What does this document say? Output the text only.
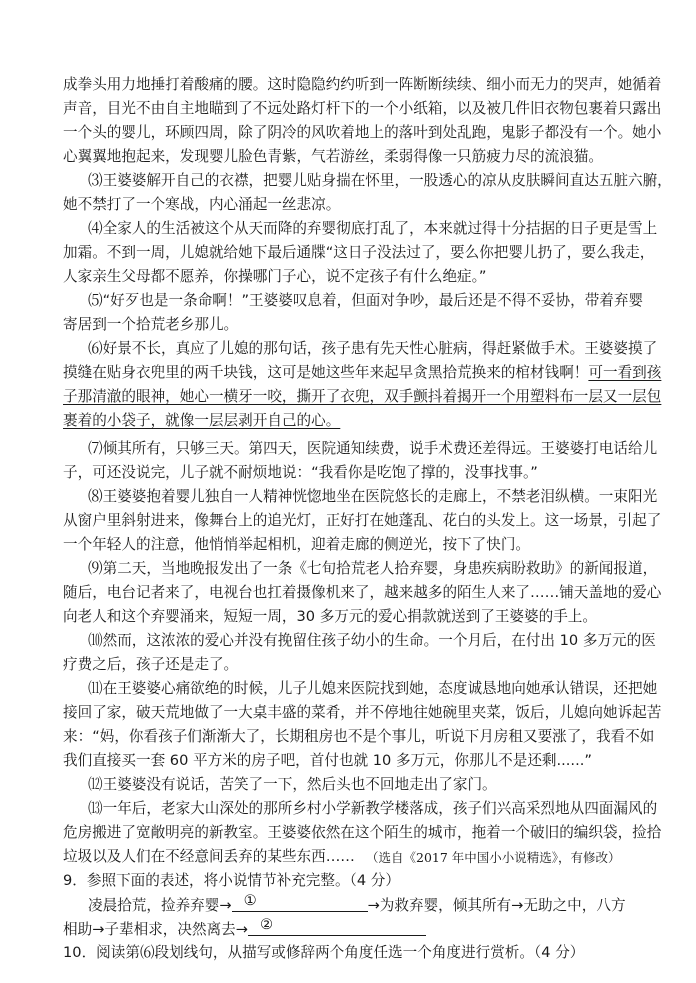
成拳头用力地捶打着酸痛的腰。这时隐隐约约听到一阵断断续续、细小而无力的哭声，她循着
声音，目光不由自主地瞄到了不远处路灯杆下的一个小纸箱，以及被几件旧衣物包裹着只露出
一个头的婴儿，环顾四周，除了阴冷的风吹着地上的落叶到处乱跑，鬼影子都没有一个。她小
心翼翼地抱起来，发现婴儿脸色青紫，气若游丝，柔弱得像一只筋疲力尽的流浪猫。
⑶王婆婆解开自己的衣襟，把婴儿贴身揣在怀里，一股透心的凉从皮肤瞬间直达五脏六腑，
她不禁打了一个寒战，内心涌起一丝悲凉。
⑷全家人的生活被这个从天而降的弃婴彻底打乱了，本来就过得十分拮据的日子更是雪上
加霜。不到一周，儿媳就给她下最后通牒“这日子没法过了，要么你把婴儿扔了，要么我走，
人家亲生父母都不愿养，你操哪门子心，说不定孩子有什么绝症。”
⑸“好歹也是一条命啊！”王婆婆叹息着，但面对争吵，最后还是不得不妥协，带着弃婴
寄居到一个拾荒老乡那儿。
⑹好景不长，真应了儿媳的那句话，孩子患有先天性心脏病，得赶紧做手术。王婆婆摸了
摸缝在贴身衣兜里的两千块钱，这可是她这些年来起早贪黑拾荒换来的棺材钱啊！可一看到孩
子那清澈的眼神，她心一横牙一咬，撕开了衣兜，双手颤抖着揭开一个用塑料布一层又一层包
裹着的小袋子，就像一层层剥开自己的心。
⑺倾其所有，只够三天。第四天，医院通知续费，说手术费还差得远。王婆婆打电话给儿
子，可还没说完，儿子就不耐烦地说：“我看你是吃饱了撑的，没事找事。”
⑻王婆婆抱着婴儿独自一人精神恍惚地坐在医院悠长的走廊上，不禁老泪纵横。一束阳光
从窗户里斜射进来，像舞台上的追光灯，正好打在她蓬乱、花白的头发上。这一场景，引起了
一个年轻人的注意，他悄悄举起相机，迎着走廊的侧逆光，按下了快门。
⑼第二天，当地晚报发出了一条《七旬拾荒老人拾弃婴，身患疾病盼救助》的新闻报道，
随后，电台记者来了，电视台也扛着摄像机来了，越来越多的陌生人来了……铺天盖地的爱心
向老人和这个弃婴涌来，短短一周，30 多万元的爱心捐款就送到了王婆婆的手上。
⑽然而，这浓浓的爱心并没有挽留住孩子幼小的生命。一个月后，在付出 10 多万元的医
疗费之后，孩子还是走了。
⑾在王婆婆心痛欲绝的时候，儿子儿媳来医院找到她，态度诚恳地向她承认错误，还把她
接回了家，破天荒地做了一大桌丰盛的菜肴，并不停地往她碗里夹菜，饭后，儿媳向她诉起苦
来：“妈，你看孩子们渐渐大了，长期租房也不是个事儿，听说下月房租又要涨了，我看不如
我们直接买一套 60 平方米的房子吧，首付也就 10 多万元，你那儿不是还剩......”
⑿王婆婆没有说话，苦笑了一下，然后头也不回地走出了家门。
⒀一年后，老家大山深处的那所乡村小学新教学楼落成，孩子们兴高采烈地从四面漏风的
危房搬进了宽敞明亮的新教室。王婆婆依然在这个陌生的城市，拖着一个破旧的编织袋，捡拾
垃圾以及人们在不经意间丢弃的某些东西…… （选自《2017 年中国小小说精选》，有修改）
9．参照下面的表述，将小说情节补充完整。（4 分）
凌晨拾荒，捡养弃婴→ ①	→为救弃婴，倾其所有→无助之中，八方
相助→子辈相求，决然离去→ ②
10．阅读第⑹段划线句，从描写或修辞两个角度任选一个角度进行赏析。（4 分）
